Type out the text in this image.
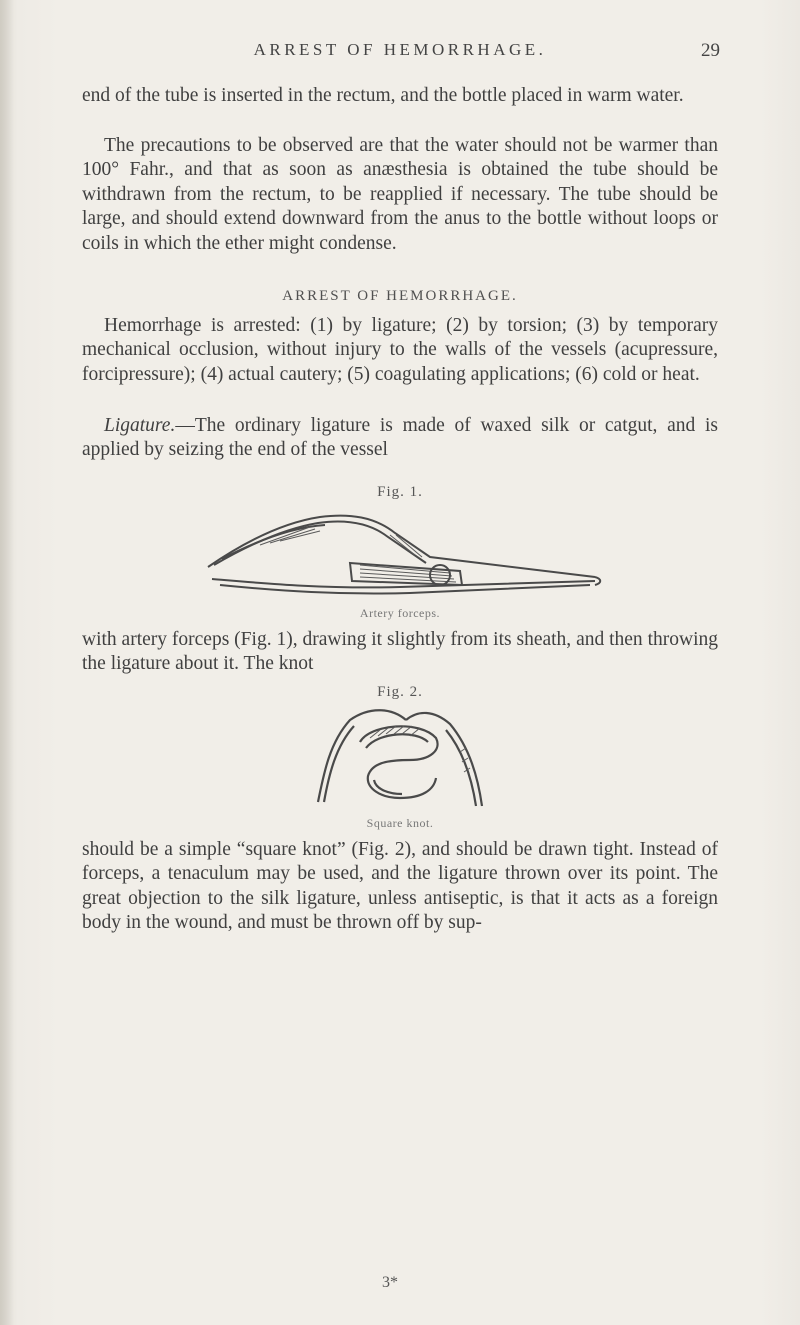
ARREST OF HEMORRHAGE.	29

end of the tube is inserted in the rectum, and the bottle placed in warm water.

The precautions to be observed are that the water should not be warmer than 100° Fahr., and that as soon as anæsthesia is obtained the tube should be withdrawn from the rectum, to be reapplied if necessary. The tube should be large, and should extend downward from the anus to the bottle without loops or coils in which the ether might condense.

ARREST OF HEMORRHAGE.

Hemorrhage is arrested: (1) by ligature; (2) by torsion; (3) by temporary mechanical occlusion, without injury to the walls of the vessels (acupressure, forcipressure); (4) actual cautery; (5) coagulating applications; (6) cold or heat.

Ligature.—The ordinary ligature is made of waxed silk or catgut, and is applied by seizing the end of the vessel

Fig. 1.
Artery forceps.

with artery forceps (Fig. 1), drawing it slightly from its sheath, and then throwing the ligature about it. The knot

Fig. 2.
Square knot.

should be a simple “square knot” (Fig. 2), and should be drawn tight. Instead of forceps, a tenaculum may be used, and the ligature thrown over its point. The great objection to the silk ligature, unless antiseptic, is that it acts as a foreign body in the wound, and must be thrown off by sup-

3*
